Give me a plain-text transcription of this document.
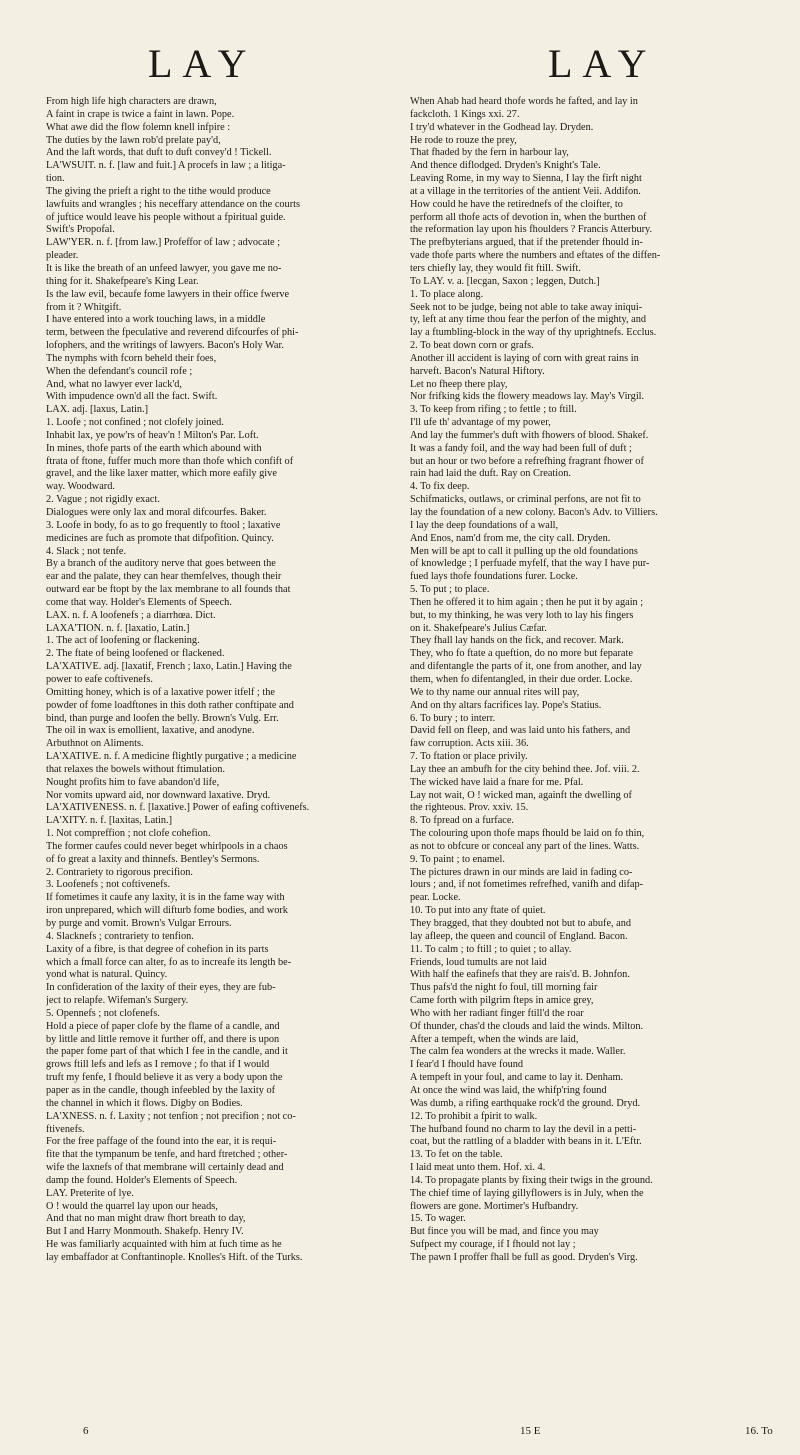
LAY	LAY
From high life high characters are drawn,
A faint in crape is twice a faint in lawn. Pope.
What awe did the flow folemn knell infpire :
The duties by the lawn rob'd prelate pay'd,
And the laft words, that duft to duft convey'd ! Tickell.
LA'WSUIT. n. f. [law and fuit.] A procefs in law ; a litiga-
tion.
The giving the prieft a right to the tithe would produce
lawfuits and wrangles ; his neceffary attendance on the courts
of juftice would leave his people without a fpiritual guide.
Swift's Propofal.
LAW'YER. n. f. [from law.] Profeffor of law ; advocate ;
pleader.
It is like the breath of an unfeed lawyer, you gave me no-
thing for it. Shakefpeare's King Lear.
Is the law evil, becaufe fome lawyers in their office fwerve
from it ? Whitgift.
I have entered into a work touching laws, in a middle
term, between the fpeculative and reverend difcourfes of phi-
lofophers, and the writings of lawyers. Bacon's Holy War.
The nymphs with fcorn beheld their foes,
When the defendant's council rofe ;
And, what no lawyer ever lack'd,
With impudence own'd all the fact. Swift.
LAX. adj. [laxus, Latin.]
1. Loofe ; not confined ; not clofely joined.
Inhabit lax, ye pow'rs of heav'n ! Milton's Par. Loft.
In mines, thofe parts of the earth which abound with
ftrata of ftone, fuffer much more than thofe which confift of
gravel, and the like laxer matter, which more eafily give
way. Woodward.
2. Vague ; not rigidly exact.
Dialogues were only lax and moral difcourfes. Baker.
3. Loofe in body, fo as to go frequently to ftool ; laxative
medicines are fuch as promote that difpofition. Quincy.
4. Slack ; not tenfe.
By a branch of the auditory nerve that goes between the
ear and the palate, they can hear themfelves, though their
outward ear be ftopt by the lax membrane to all founds that
come that way. Holder's Elements of Speech.
LAX. n. f. A loofenefs ; a diarrhœa. Dict.
LAXA'TION. n. f. [laxatio, Latin.]
1. The act of loofening or flackening.
2. The ftate of being loofened or flackened.
LA'XATIVE. adj. [laxatif, French ; laxo, Latin.] Having the
power to eafe coftivenefs.
Omitting honey, which is of a laxative power itfelf ; the
powder of fome loadftones in this doth rather conftipate and
bind, than purge and loofen the belly. Brown's Vulg. Err.
The oil in wax is emollient, laxative, and anodyne.
Arbuthnot on Aliments.
LA'XATIVE. n. f. A medicine flightly purgative ; a medicine
that relaxes the bowels without ftimulation.
Nought profits him to fave abandon'd life,
Nor vomits upward aid, nor downward laxative. Dryd.
LA'XATIVENESS. n. f. [laxative.] Power of eafing coftivenefs.
LA'XITY. n. f. [laxitas, Latin.]
1. Not compreffion ; not clofe cohefion.
The former caufes could never beget whirlpools in a chaos
of fo great a laxity and thinnefs. Bentley's Sermons.
2. Contrariety to rigorous precifion.
3. Loofenefs ; not coftivenefs.
If fometimes it caufe any laxity, it is in the fame way with
iron unprepared, which will difturb fome bodies, and work
by purge and vomit. Brown's Vulgar Errours.
4. Slacknefs ; contrariety to tenfion.
Laxity of a fibre, is that degree of cohefion in its parts
which a fmall force can alter, fo as to increafe its length be-
yond what is natural. Quincy.
In confideration of the laxity of their eyes, they are fub-
ject to relapfe. Wifeman's Surgery.
5. Opennefs ; not clofenefs.
Hold a piece of paper clofe by the flame of a candle, and
by little and little remove it further off, and there is upon
the paper fome part of that which I fee in the candle, and it
grows ftill lefs and lefs as I remove ; fo that if I would
truft my fenfe, I fhould believe it as very a body upon the
paper as in the candle, though infeebled by the laxity of
the channel in which it flows. Digby on Bodies.
LA'XNESS. n. f. Laxity ; not tenfion ; not precifion ; not co-
ftivenefs.
For the free paffage of the found into the ear, it is requi-
fite that the tympanum be tenfe, and hard ftretched ; other-
wife the laxnefs of that membrane will certainly dead and
damp the found. Holder's Elements of Speech.
LAY. Preterite of lye.
O ! would the quarrel lay upon our heads,
And that no man might draw fhort breath to day,
But I and Harry Monmouth. Shakefp. Henry IV.
He was familiarly acquainted with him at fuch time as he
lay embaffador at Conftantinople. Knolles's Hift. of the Turks.
When Ahab had heard thofe words he fafted, and lay in
fackcloth. 1 Kings xxi. 27.
I try'd whatever in the Godhead lay. Dryden.
He rode to rouze the prey,
That fhaded by the fern in harbour lay,
And thence diflodged. Dryden's Knight's Tale.
Leaving Rome, in my way to Sienna, I lay the firft night
at a village in the territories of the antient Veii. Addifon.
How could he have the retirednefs of the cloifter, to
perform all thofe acts of devotion in, when the burthen of
the reformation lay upon his fhoulders ? Francis Atterbury.
The prefbyterians argued, that if the pretender fhould in-
vade thofe parts where the numbers and eftates of the diffen-
ters chiefly lay, they would fit ftill. Swift.
To LAY. v. a. [lecgan, Saxon ; leggen, Dutch.]
1. To place along.
Seek not to be judge, being not able to take away iniqui-
ty, left at any time thou fear the perfon of the mighty, and
lay a ftumbling-block in the way of thy uprightnefs. Ecclus.
2. To beat down corn or grafs.
Another ill accident is laying of corn with great rains in
harveft. Bacon's Natural Hiftory.
Let no fheep there play,
Nor frifking kids the flowery meadows lay. May's Virgil.
3. To keep from rifing ; to fettle ; to ftill.
I'll ufe th' advantage of my power,
And lay the fummer's duft with fhowers of blood. Shakef.
It was a fandy foil, and the way had been full of duft ;
but an hour or two before a refrefhing fragrant fhower of
rain had laid the duft. Ray on Creation.
4. To fix deep.
Schifmaticks, outlaws, or criminal perfons, are not fit to
lay the foundation of a new colony. Bacon's Adv. to Villiers.
I lay the deep foundations of a wall,
And Enos, nam'd from me, the city call. Dryden.
Men will be apt to call it pulling up the old foundations
of knowledge ; I perfuade myfelf, that the way I have pur-
fued lays thofe foundations furer. Locke.
5. To put ; to place.
Then he offered it to him again ; then he put it by again ;
but, to my thinking, he was very loth to lay his fingers
on it. Shakefpeare's Julius Cæfar.
They fhall lay hands on the fick, and recover. Mark.
They, who fo ftate a queftion, do no more but feparate
and difentangle the parts of it, one from another, and lay
them, when fo difentangled, in their due order. Locke.
We to thy name our annual rites will pay,
And on thy altars facrifices lay. Pope's Statius.
6. To bury ; to interr.
David fell on fleep, and was laid unto his fathers, and
faw corruption. Acts xiii. 36.
7. To ftation or place privily.
Lay thee an ambufh for the city behind thee. Jof. viii. 2.
The wicked have laid a fnare for me. Pfal.
Lay not wait, O ! wicked man, againft the dwelling of
the righteous. Prov. xxiv. 15.
8. To fpread on a furface.
The colouring upon thofe maps fhould be laid on fo thin,
as not to obfcure or conceal any part of the lines. Watts.
9. To paint ; to enamel.
The pictures drawn in our minds are laid in fading co-
lours ; and, if not fometimes refrefhed, vanifh and difap-
pear. Locke.
10. To put into any ftate of quiet.
They bragged, that they doubted not but to abufe, and
lay afleep, the queen and council of England. Bacon.
11. To calm ; to ftill ; to quiet ; to allay.
Friends, loud tumults are not laid
With half the eafinefs that they are rais'd. B. Johnfon.
Thus pafs'd the night fo foul, till morning fair
Came forth with pilgrim fteps in amice grey,
Who with her radiant finger ftill'd the roar
Of thunder, chas'd the clouds and laid the winds. Milton.
After a tempeft, when the winds are laid,
The calm fea wonders at the wrecks it made. Waller.
I fear'd I fhould have found
A tempeft in your foul, and came to lay it. Denham.
At once the wind was laid, the whifp'ring found
Was dumb, a rifing earthquake rock'd the ground. Dryd.
12. To prohibit a fpirit to walk.
The hufband found no charm to lay the devil in a petti-
coat, but the rattling of a bladder with beans in it. L'Eftr.
13. To fet on the table.
I laid meat unto them. Hof. xi. 4.
14. To propagate plants by fixing their twigs in the ground.
The chief time of laying gillyflowers is in July, when the
flowers are gone. Mortimer's Hufbandry.
15. To wager.
But fince you will be mad, and fince you may
Sufpect my courage, if I fhould not lay ;
The pawn I proffer fhall be full as good. Dryden's Virg.
6	15 E	16. To
